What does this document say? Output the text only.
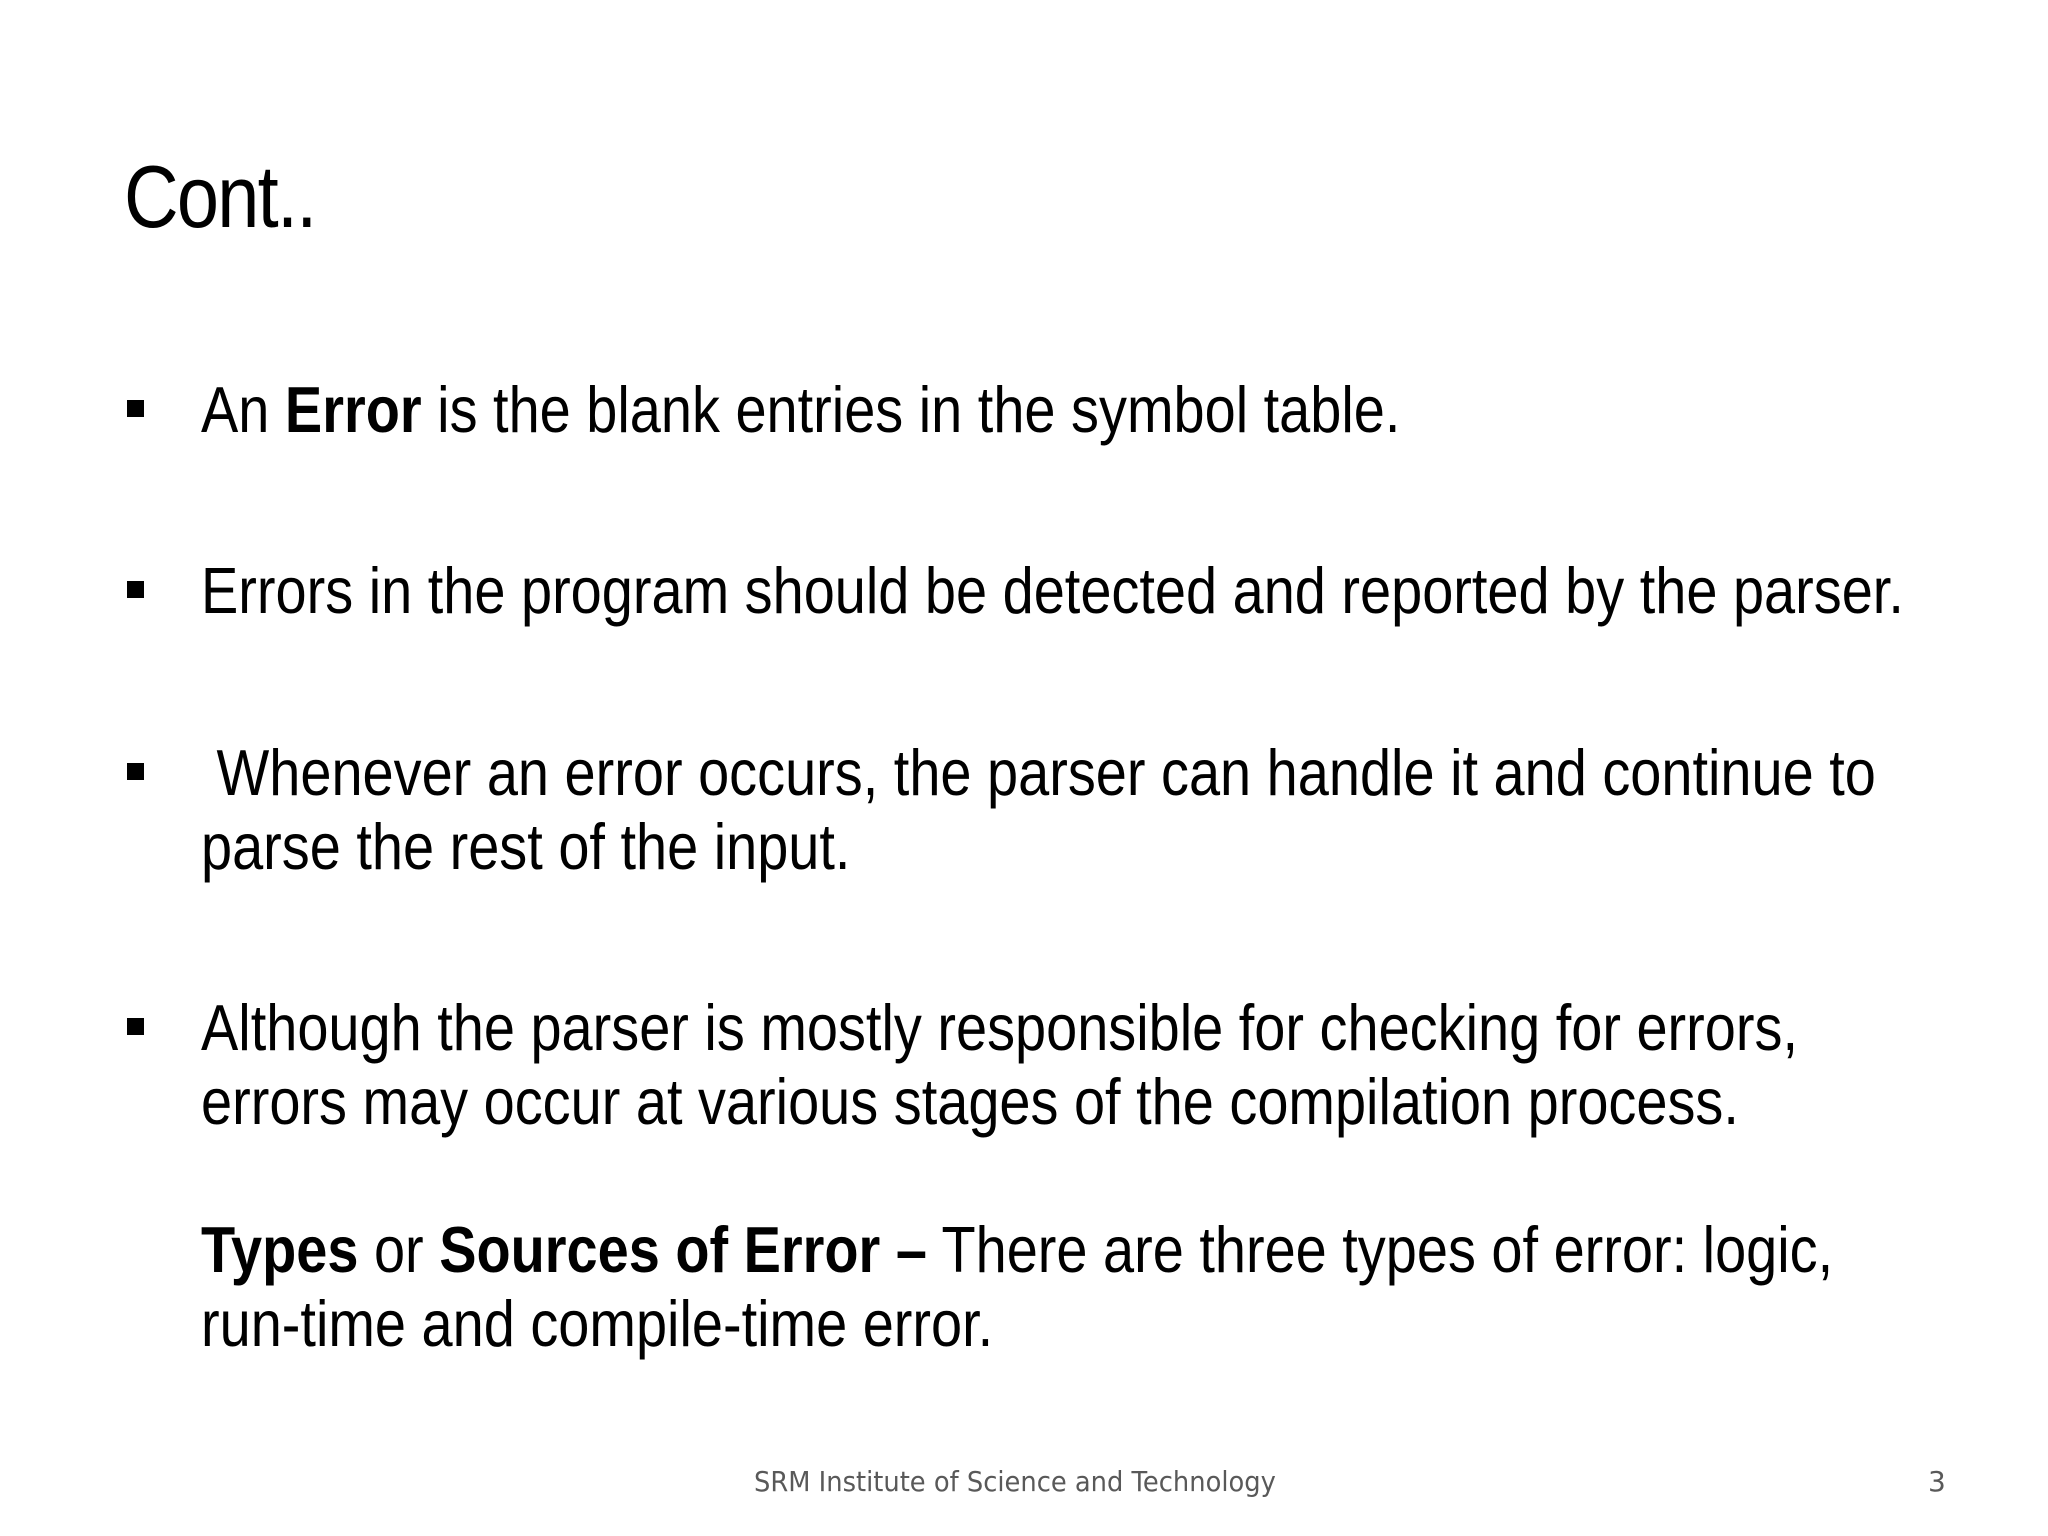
Cont..
An Error is the blank entries in the symbol table.
Errors in the program should be detected and reported by the parser.
Whenever an error occurs, the parser can handle it and continue to
parse the rest of the input.
Although the parser is mostly responsible for checking for errors,
errors may occur at various stages of the compilation process.
Types or Sources of Error – There are three types of error: logic,
run-time and compile-time error.
SRM Institute of Science and Technology	3
